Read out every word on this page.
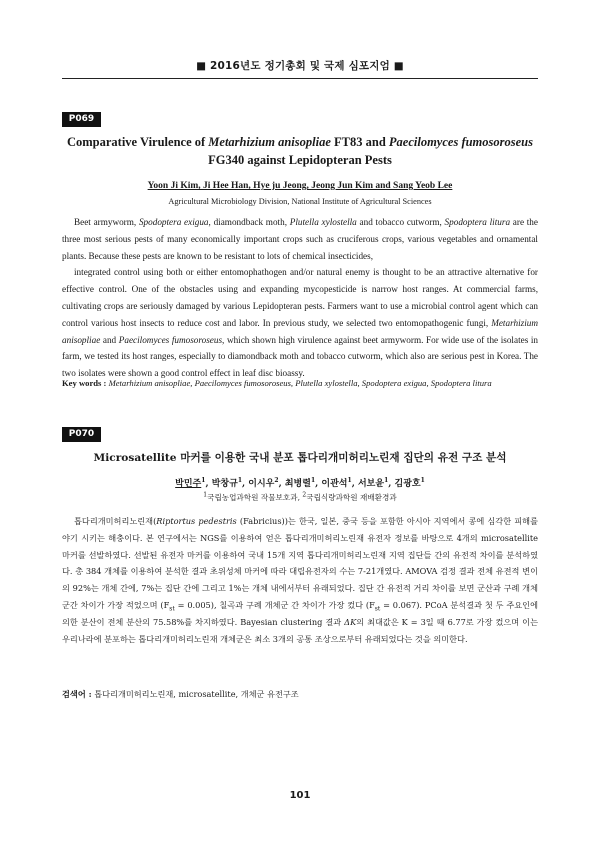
■ 2016년도 정기총회 및 국제 심포지엄 ■
P069
Comparative Virulence of Metarhizium anisopliae FT83 and Paecilomyces fumosoroseus FG340 against Lepidopteran Pests
Yoon Ji Kim, Ji Hee Han, Hye ju Jeong, Jeong Jun Kim and Sang Yeob Lee
Agricultural Microbiology Division, National Institute of Agricultural Sciences

Beet armyworm, Spodoptera exigua, diamondback moth, Plutella xylostella and tobacco cutworm, Spodoptera litura are the three most serious pests of many economically important crops such as cruciferous crops, various vegetables and ornamental plants. Because these pests are known to be resistant to lots of chemical insecticides,

integrated control using both or either entomophathogen and/or natural enemy is thought to be an attractive alternative for effective control. One of the obstacles using and expanding mycopesticide is narrow host ranges. At commercial farms, cultivating crops are seriously damaged by various Lepidopteran pests. Farmers want to use a microbial control agent which can control various host insects to reduce cost and labor. In previous study, we selected two entomopathogenic fungi, Metarhizium anisopliae and Paecilomyces fumosoroseus, which shown high virulence against beet armyworm. For wide use of the isolates in farm, we tested its host ranges, especially to diamondback moth and tobacco cutworm, which also are serious pest in Korea. The two isolates were shown a good control effect in leaf disc bioassy.

Key words : Metarhizium anisopliae, Paecilomyces fumosoroseus, Plutella xylostella, Spodoptera exigua, Spodoptera litura
P070
Microsatellite 마커를 이용한 국내 분포 톱다리개미허리노린재 집단의 유전 구조 분석
박민주$^1$, 박창규$^1$, 이시우$^2$, 최병렬$^1$, 이관석$^1$, 서보윤$^1$, 김광호$^1$
$^1$국립농업과학원 작물보호과, $^2$국립식량과학원 재배환경과

톱다리개미허리노린재(Riptortus pedestris (Fabricius))는 한국, 일본, 중국 등을 포함한 아시아 지역에서 콩에 심각한 피해를 야기 시키는 해충이다. 본 연구에서는 NGS를 이용하여 얻은 톱다리개미허리노린재 유전자 정보를 바탕으로 4개의 microsatellite 마커를 선발하였다. 선발된 유전자 마커를 이용하여 국내 15개 지역 톱다리개미허리노린재 지역 집단들 간의 유전적 차이를 분석하였다. 총 384 개체를 이용하여 분석한 결과 초위성체 마커에 따라 대립유전자의 수는 7-21개였다. AMOVA 검정 결과 전체 유전적 변이의 92%는 개체 간에, 7%는 집단 간에 그리고 1%는 개체 내에서부터 유래되었다. 집단 간 유전적 거리 차이를 보면 군산과 구례 개체군간 차이가 가장 적었으며 $(F_{st} = 0.005)$, 칠곡과 구례 개체군 간 차이가 가장 컸다 $(F_{st} = 0.067)$. PCoA 분석결과 첫 두 주요인에 의한 분산이 전체 분산의 75.58%를 차지하였다. Bayesian clustering 결과 ΔK의 최대값은 K = 3일 때 6.77로 가장 컸으며 이는 우리나라에 분포하는 톱다리개미허리노린재 개체군은 최소 3개의 공통 조상으로부터 유래되었다는 것을 의미한다.

검색어 : 톱다리개미허리노린재, microsatellite, 개체군 유전구조
101
